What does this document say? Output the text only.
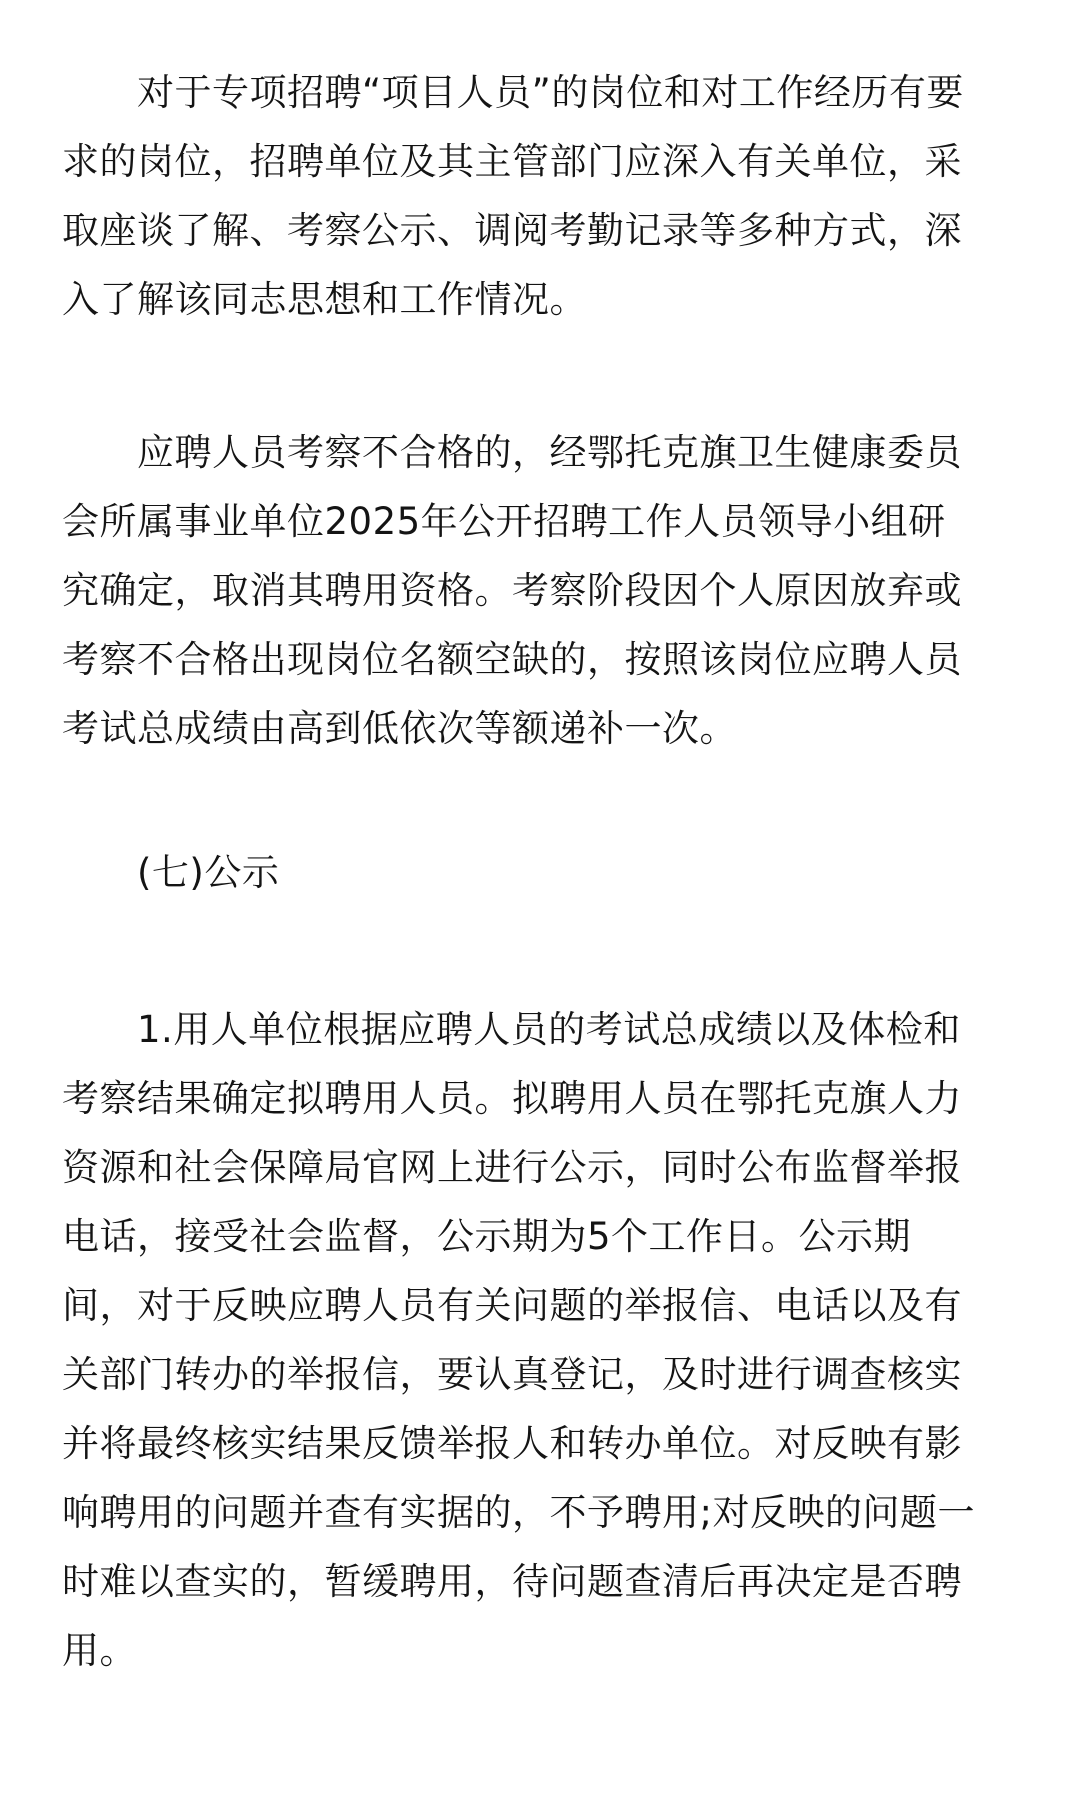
　　对于专项招聘“项目人员”的岗位和对工作经历有要
求的岗位，招聘单位及其主管部门应深入有关单位，采
取座谈了解、考察公示、调阅考勤记录等多种方式，深
入了解该同志思想和工作情况。

　　应聘人员考察不合格的，经鄂托克旗卫生健康委员
会所属事业单位2025年公开招聘工作人员领导小组研
究确定，取消其聘用资格。考察阶段因个人原因放弃或
考察不合格出现岗位名额空缺的，按照该岗位应聘人员
考试总成绩由高到低依次等额递补一次。

　　(七)公示

　　1.用人单位根据应聘人员的考试总成绩以及体检和
考察结果确定拟聘用人员。拟聘用人员在鄂托克旗人力
资源和社会保障局官网上进行公示，同时公布监督举报
电话，接受社会监督，公示期为5个工作日。公示期
间，对于反映应聘人员有关问题的举报信、电话以及有
关部门转办的举报信，要认真登记，及时进行调查核实
并将最终核实结果反馈举报人和转办单位。对反映有影
响聘用的问题并查有实据的，不予聘用;对反映的问题一
时难以查实的，暂缓聘用，待问题查清后再决定是否聘
用。
